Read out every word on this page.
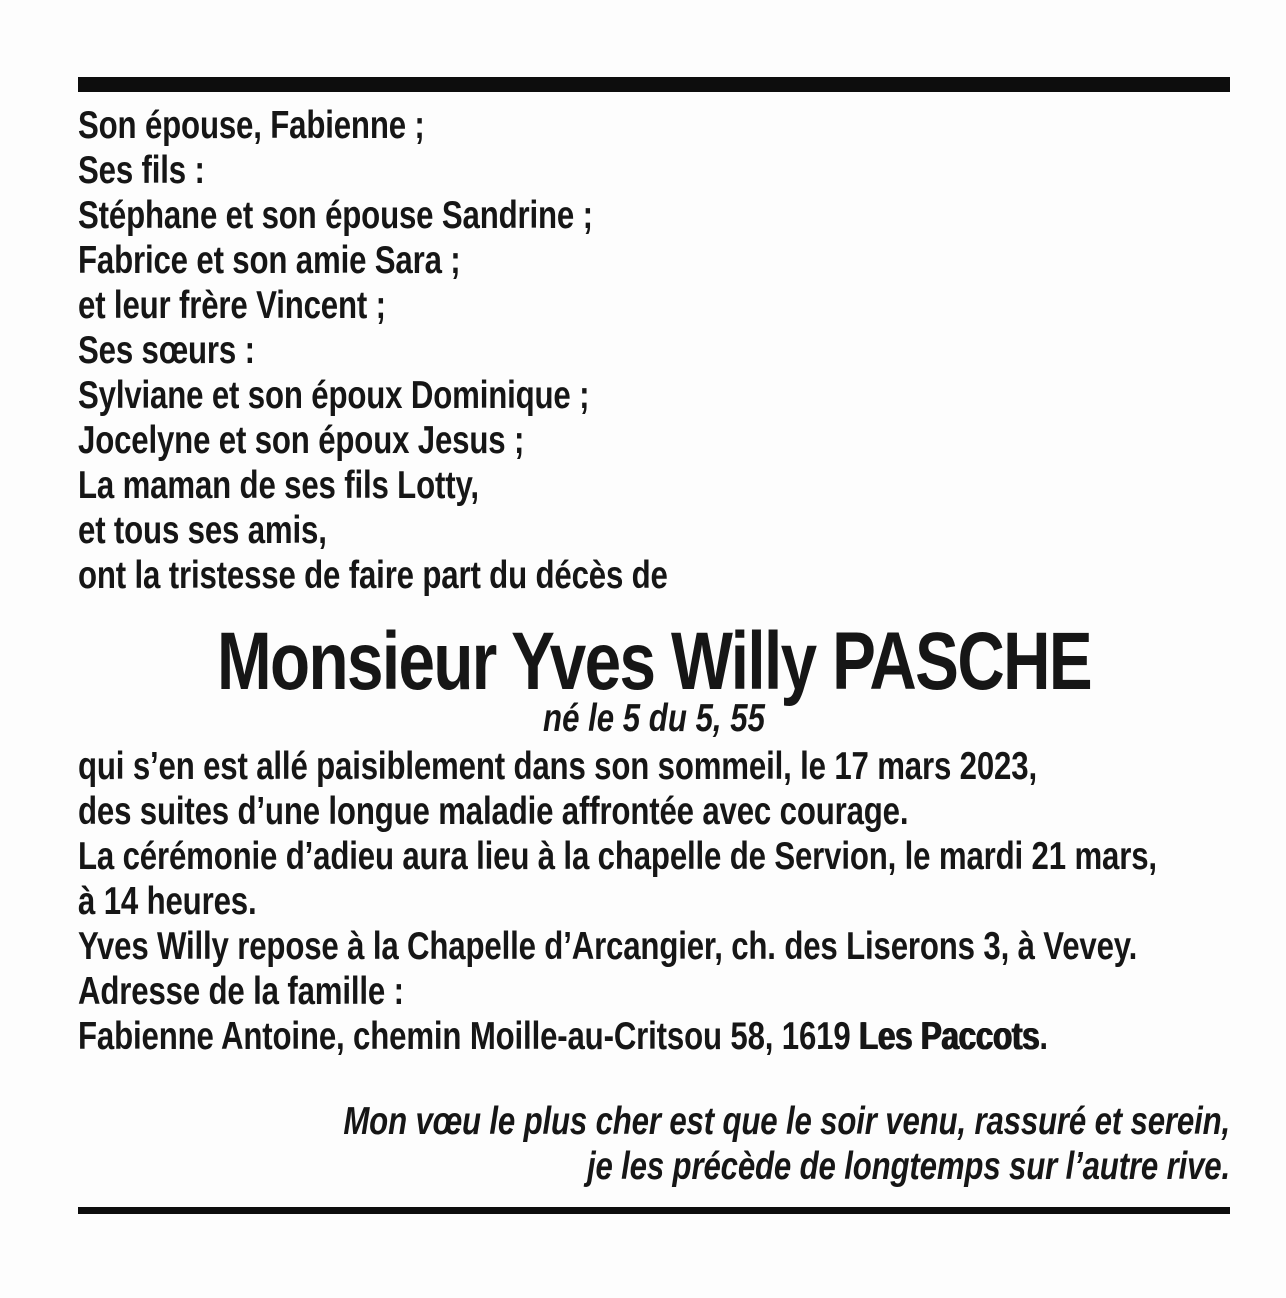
Son épouse, Fabienne ;
Ses fils :
Stéphane et son épouse Sandrine ;
Fabrice et son amie Sara ;
et leur frère Vincent ;
Ses sœurs :
Sylviane et son époux Dominique ;
Jocelyne et son époux Jesus ;
La maman de ses fils Lotty,
et tous ses amis,
ont la tristesse de faire part du décès de
Monsieur Yves Willy PASCHE
né le 5 du 5, 55
qui s’en est allé paisiblement dans son sommeil, le 17 mars 2023,
des suites d’une longue maladie affrontée avec courage.
La cérémonie d’adieu aura lieu à la chapelle de Servion, le mardi 21 mars,
à 14 heures.
Yves Willy repose à la Chapelle d’Arcangier, ch. des Liserons 3, à Vevey.
Adresse de la famille :
Fabienne Antoine, chemin Moille-au-Critsou 58, 1619 Les Paccots.
Mon vœu le plus cher est que le soir venu, rassuré et serein,
je les précède de longtemps sur l’autre rive.
